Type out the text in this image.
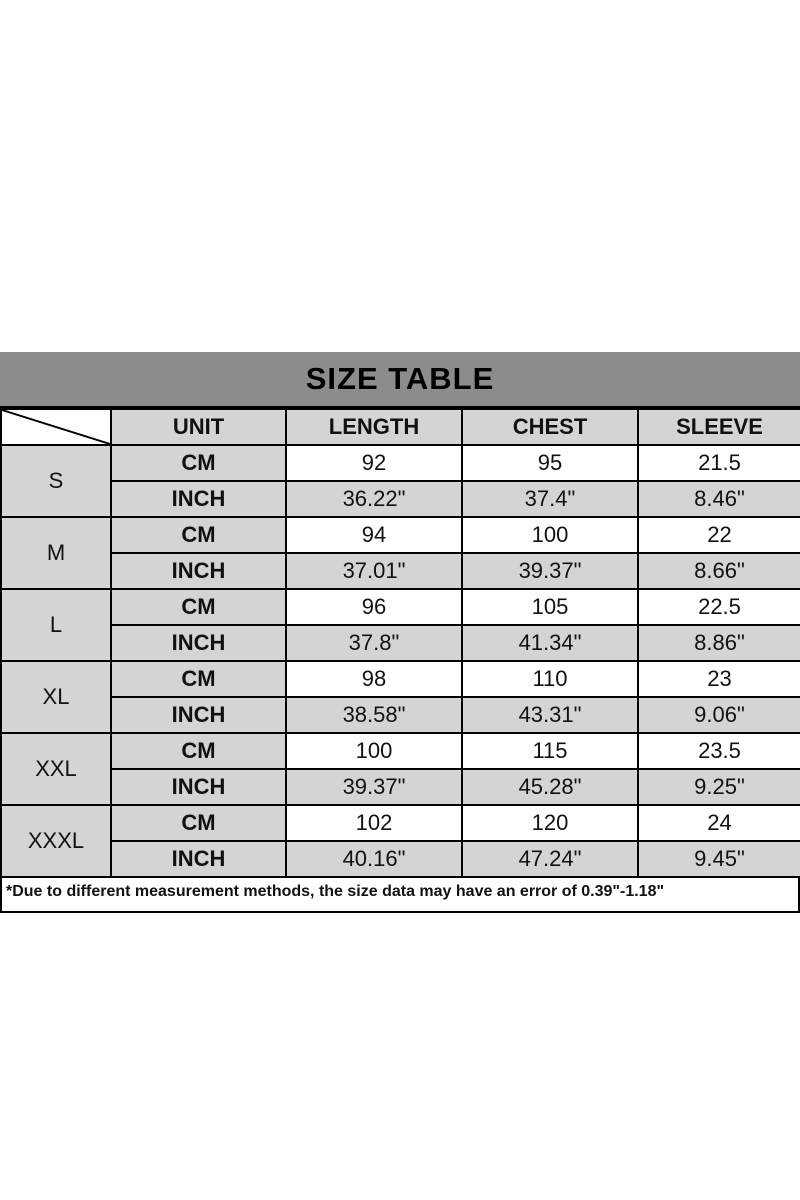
SIZE TABLE
	UNIT	LENGTH	CHEST	SLEEVE
S	CM	92	95	21.5
	INCH	36.22"	37.4"	8.46"
M	CM	94	100	22
	INCH	37.01"	39.37"	8.66"
L	CM	96	105	22.5
	INCH	37.8"	41.34"	8.86"
XL	CM	98	110	23
	INCH	38.58"	43.31"	9.06"
XXL	CM	100	115	23.5
	INCH	39.37"	45.28"	9.25"
XXXL	CM	102	120	24
	INCH	40.16"	47.24"	9.45"
*Due to different measurement methods, the size data may have an error of 0.39"-1.18"
